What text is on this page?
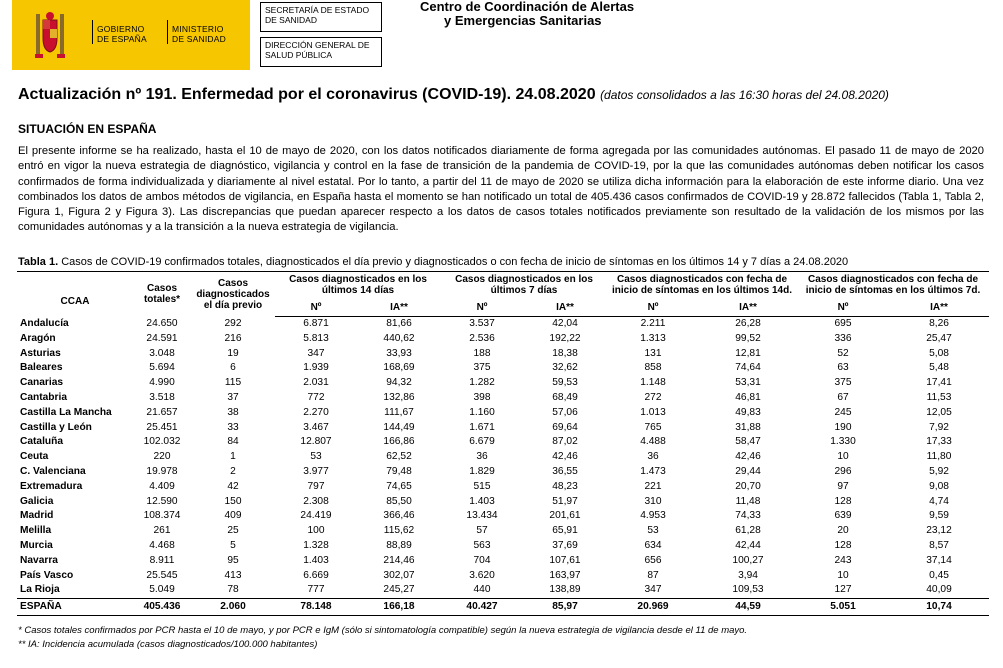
GOBIERNO
DE ESPAÑA
MINISTERIO
DE SANIDAD
SECRETARÍA DE ESTADO
DE SANIDAD
DIRECCIÓN GENERAL DE
SALUD PÚBLICA
Centro de Coordinación de Alertas
y Emergencias Sanitarias
Actualización nº 191. Enfermedad por el coronavirus (COVID-19). 24.08.2020 (datos consolidados a las 16:30 horas del 24.08.2020)
SITUACIÓN EN ESPAÑA
El presente informe se ha realizado, hasta el 10 de mayo de 2020, con los datos notificados diariamente de forma agregada por las comunidades autónomas. El pasado 11 de mayo de 2020 entró en vigor la nueva estrategia de diagnóstico, vigilancia y control en la fase de transición de la pandemia de COVID-19, por la que las comunidades autónomas deben notificar los casos confirmados de forma individualizada y diariamente al nivel estatal. Por lo tanto, a partir del 11 de mayo de 2020 se utiliza dicha información para la elaboración de este informe diario. Una vez combinados los datos de ambos métodos de vigilancia, en España hasta el momento se han notificado un total de 405.436 casos confirmados de COVID-19 y 28.872 fallecidos (Tabla 1, Tabla 2, Figura 1, Figura 2 y Figura 3). Las discrepancias que puedan aparecer respecto a los datos de casos totales notificados previamente son resultado de la validación de los mismos por las comunidades autónomas y a la transición a la nueva estrategia de vigilancia.
Tabla 1. Casos de COVID-19 confirmados totales, diagnosticados el día previo y diagnosticados o con fecha de inicio de síntomas en los últimos 14 y 7 días a 24.08.2020
CCAA	Casos totales*	Casos diagnosticados el día previo	Casos diagnosticados en los últimos 14 días		Casos diagnosticados en los últimos 7 días		Casos diagnosticados con fecha de inicio de síntomas en los últimos 14d.		Casos diagnosticados con fecha de inicio de síntomas en los últimos 7d.	
			Nº	IA**	Nº	IA**	Nº	IA**	Nº	IA**
Andalucía	24.650	292	6.871	81,66	3.537	42,04	2.211	26,28	695	8,26
Aragón	24.591	216	5.813	440,62	2.536	192,22	1.313	99,52	336	25,47
Asturias	3.048	19	347	33,93	188	18,38	131	12,81	52	5,08
Baleares	5.694	6	1.939	168,69	375	32,62	858	74,64	63	5,48
Canarias	4.990	115	2.031	94,32	1.282	59,53	1.148	53,31	375	17,41
Cantabria	3.518	37	772	132,86	398	68,49	272	46,81	67	11,53
Castilla La Mancha	21.657	38	2.270	111,67	1.160	57,06	1.013	49,83	245	12,05
Castilla y León	25.451	33	3.467	144,49	1.671	69,64	765	31,88	190	7,92
Cataluña	102.032	84	12.807	166,86	6.679	87,02	4.488	58,47	1.330	17,33
Ceuta	220	1	53	62,52	36	42,46	36	42,46	10	11,80
C. Valenciana	19.978	2	3.977	79,48	1.829	36,55	1.473	29,44	296	5,92
Extremadura	4.409	42	797	74,65	515	48,23	221	20,70	97	9,08
Galicia	12.590	150	2.308	85,50	1.403	51,97	310	11,48	128	4,74
Madrid	108.374	409	24.419	366,46	13.434	201,61	4.953	74,33	639	9,59
Melilla	261	25	100	115,62	57	65,91	53	61,28	20	23,12
Murcia	4.468	5	1.328	88,89	563	37,69	634	42,44	128	8,57
Navarra	8.911	95	1.403	214,46	704	107,61	656	100,27	243	37,14
País Vasco	25.545	413	6.669	302,07	3.620	163,97	87	3,94	10	0,45
La Rioja	5.049	78	777	245,27	440	138,89	347	109,53	127	40,09
ESPAÑA	405.436	2.060	78.148	166,18	40.427	85,97	20.969	44,59	5.051	10,74
* Casos totales confirmados por PCR hasta el 10 de mayo, y por PCR e IgM (sólo si sintomatología compatible) según la nueva estrategia de vigilancia desde el 11 de mayo.
** IA: Incidencia acumulada (casos diagnosticados/100.000 habitantes)
